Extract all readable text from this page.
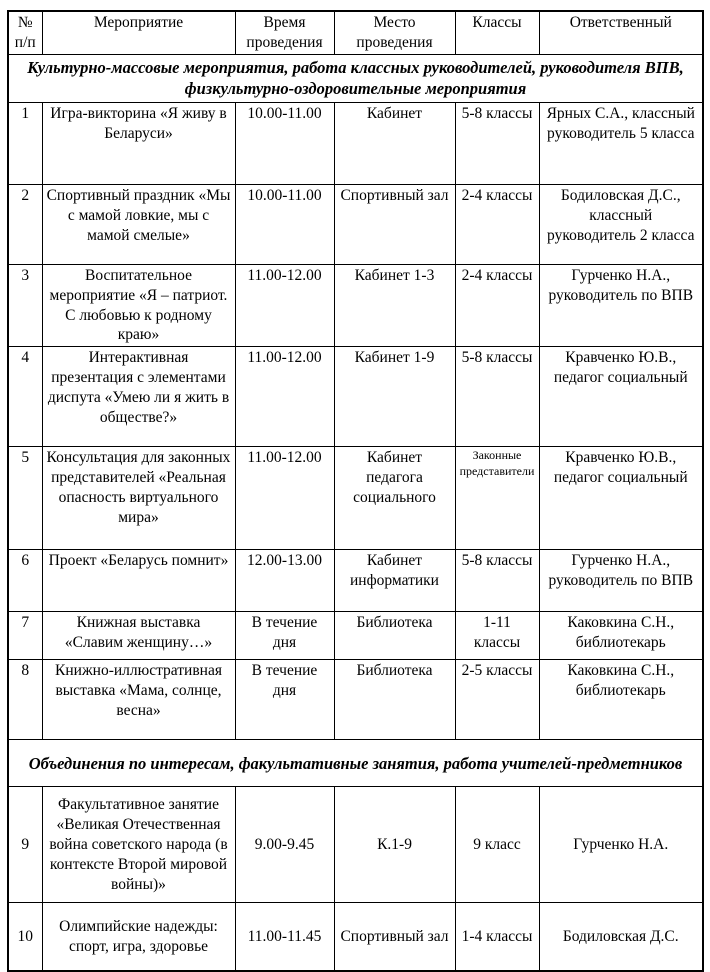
№ п/п	Мероприятие	Время проведения	Место проведения	Классы	Ответственный
Культурно-массовые мероприятия, работа классных руководителей, руководителя ВПВ, физкультурно-оздоровительные мероприятия					
1	Игра-викторина «Я живу в Беларуси»	10.00-11.00	Кабинет	5-8 классы	Ярных С.А., классный руководитель 5 класса
2	Спортивный праздник «Мы с мамой ловкие, мы с мамой смелые»	10.00-11.00	Спортивный зал	2-4 классы	Бодиловская Д.С., классный руководитель 2 класса
3	Воспитательное мероприятие «Я – патриот. С любовью к родному краю»	11.00-12.00	Кабинет 1-3	2-4 классы	Гурченко Н.А., руководитель по ВПВ
4	Интерактивная презентация с элементами диспута «Умею ли я жить в обществе?»	11.00-12.00	Кабинет 1-9	5-8 классы	Кравченко Ю.В., педагог социальный
5	Консультация для законных представителей «Реальная опасность виртуального мира»	11.00-12.00	Кабинет педагога социального	Законные представители	Кравченко Ю.В., педагог социальный
6	Проект «Беларусь помнит»	12.00-13.00	Кабинет информатики	5-8 классы	Гурченко Н.А., руководитель по ВПВ
7	Книжная выставка «Славим женщину…»	В течение дня	Библиотека	1-11 классы	Каковкина С.Н., библиотекарь
8	Книжно-иллюстративная выставка «Мама, солнце, весна»	В течение дня	Библиотека	2-5 классы	Каковкина С.Н., библиотекарь
Объединения по интересам, факультативные занятия, работа учителей-предметников					
9	Факультативное занятие «Великая Отечественная война советского народа (в контексте Второй мировой войны)»	9.00-9.45	К.1-9	9 класс	Гурченко Н.А.
10	Олимпийские надежды: спорт, игра, здоровье	11.00-11.45	Спортивный зал	1-4 классы	Бодиловская Д.С.
